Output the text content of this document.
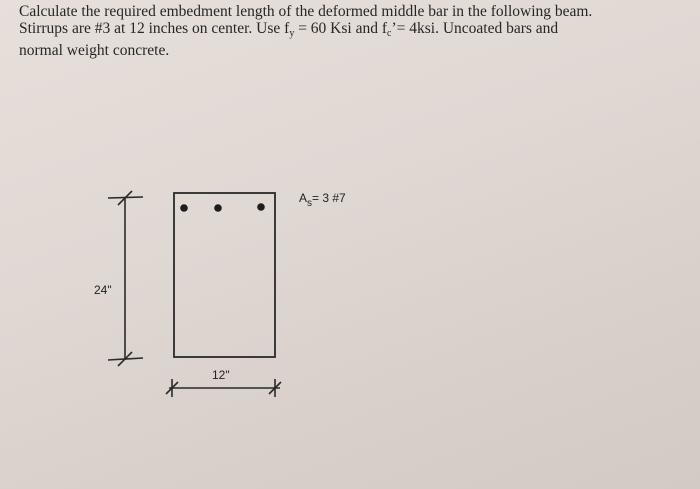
Calculate the required embedment length of the deformed middle bar in the following beam.
Stirrups are #3 at 12 inches on center. Use $f_y = 60$ Ksi and $f_c’= 4ksi$. Uncoated bars and
normal weight concrete.
24"
12"
$A_s= 3$ #7
